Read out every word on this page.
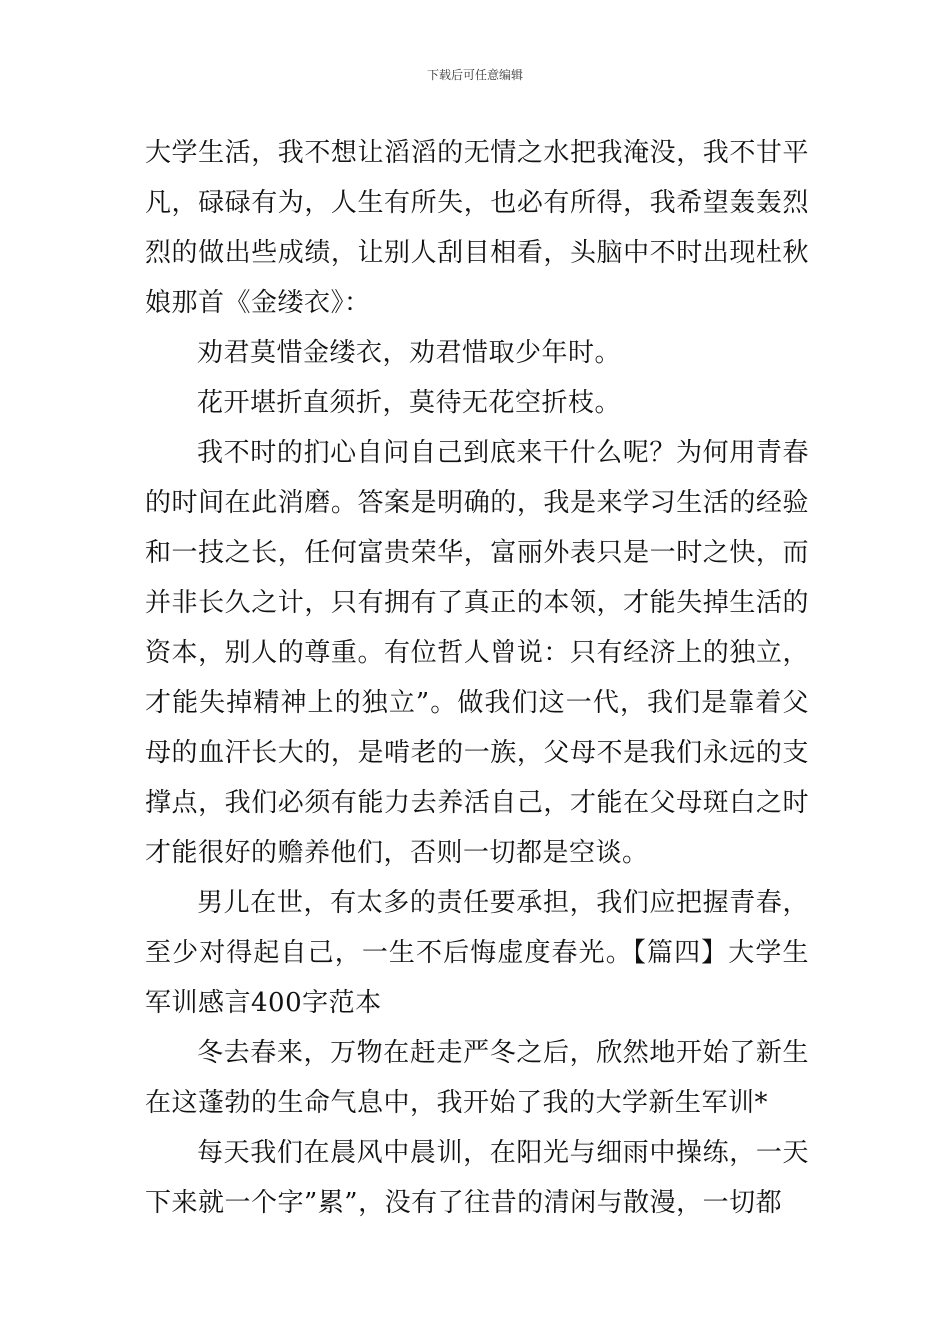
下载后可任意编辑

大学生活，我不想让滔滔的无情之水把我淹没，我不甘平凡，碌碌有为，人生有所失，也必有所得，我希望轰轰烈烈的做出些成绩，让别人刮目相看，头脑中不时出现杜秋娘那首《金缕衣》：

劝君莫惜金缕衣，劝君惜取少年时。

花开堪折直须折，莫待无花空折枝。

我不时的扪心自问自己到底来干什么呢？为何用青春的时间在此消磨。答案是明确的，我是来学习生活的经验和一技之长，任何富贵荣华，富丽外表只是一时之快，而并非长久之计，只有拥有了真正的本领，才能失掉生活的资本，别人的尊重。有位哲人曾说：只有经济上的独立，才能失掉精神上的独立”。做我们这一代，我们是靠着父母的血汗长大的，是啃老的一族，父母不是我们永远的支撑点，我们必须有能力去养活自己，才能在父母斑白之时才能很好的赡养他们，否则一切都是空谈。

男儿在世，有太多的责任要承担，我们应把握青春，至少对得起自己，一生不后悔虚度春光。【篇四】大学生军训感言400字范本

冬去春来，万物在赶走严冬之后，欣然地开始了新生在这蓬勃的生命气息中，我开始了我的大学新生军训*

每天我们在晨风中晨训，在阳光与细雨中操练，一天下来就一个字”累”，没有了往昔的清闲与散漫，一切都
